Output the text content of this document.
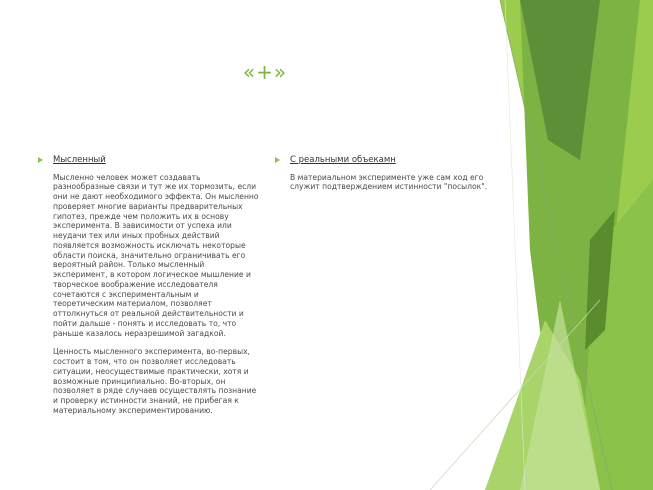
«+»
Мысленный

Мысленно человек может создавать разнообразные связи и тут же их тормозить, если они не дают необходимого эффекта. Он мысленно проверяет многие варианты предварительных гипотез, прежде чем положить их в основу эксперимента. В зависимости от успеха или неудачи тех или иных пробных действий появляется возможность исключать некоторые области поиска, значительно ограничивать его вероятный район. Только мысленный эксперимент, в котором логическое мышление и творческое воображение исследователя сочетаются с экспериментальным и теоретическим материалом, позволяет оттолкнуться от реальной действительности и пойти дальше - понять и исследовать то, что раньше казалось неразрешимой загадкой.

Ценность мысленного эксперимента, во-первых, состоит в том, что он позволяет исследовать ситуации, неосуществимые практически, хотя и возможные принципиально. Во-вторых, он позволяет в ряде случаев осуществлять познание и проверку истинности знаний, не прибегая к материальному экспериментированию.

С реальными объекамн

В материальном эксперименте уже сам ход его служит подтверждением истинности "посылок".
